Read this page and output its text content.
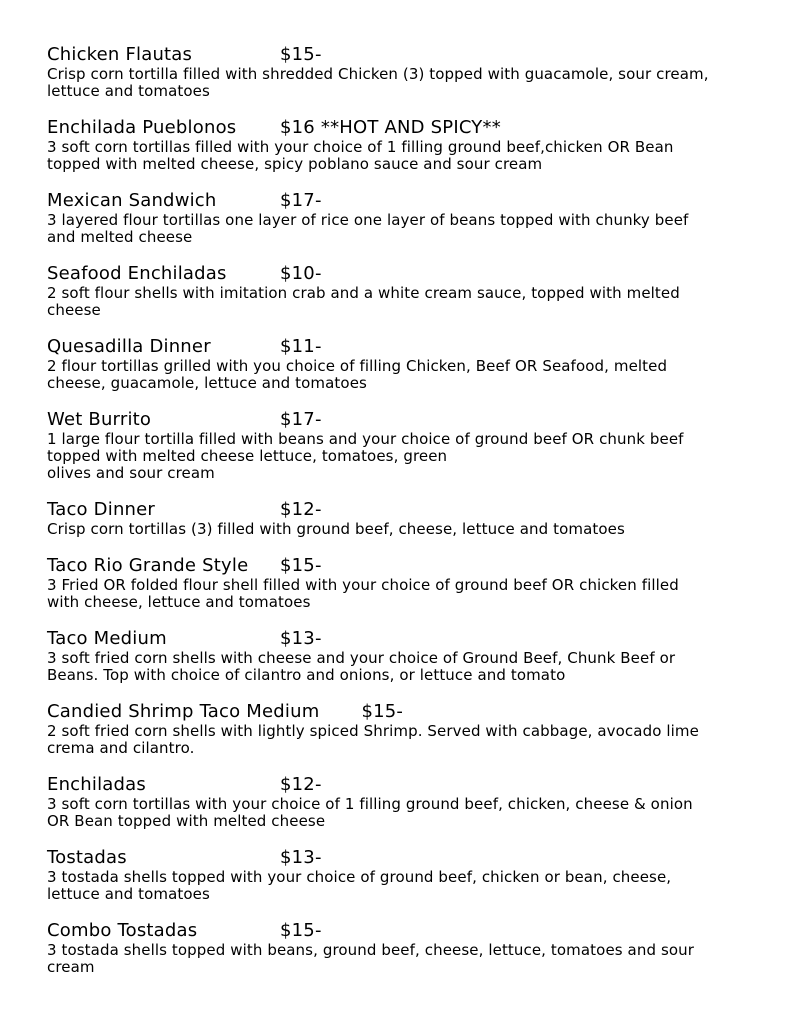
Chicken Flautas	$15-
Crisp corn tortilla filled with shredded Chicken (3) topped with guacamole, sour cream,
lettuce and tomatoes
Enchilada Pueblonos	$16 **HOT AND SPICY**
3 soft corn tortillas filled with your choice of 1 filling ground beef,chicken OR Bean
topped with melted cheese, spicy poblano sauce and sour cream
Mexican Sandwich	$17-
3 layered flour tortillas one layer of rice one layer of beans topped with chunky beef
and melted cheese
Seafood Enchiladas	$10-
2 soft flour shells with imitation crab and a white cream sauce, topped with melted
cheese
Quesadilla Dinner	$11-
2 flour tortillas grilled with you choice of filling Chicken, Beef OR Seafood, melted
cheese, guacamole, lettuce and tomatoes
Wet Burrito	$17-
1 large flour tortilla filled with beans and your choice of ground beef OR chunk beef
topped with melted cheese lettuce, tomatoes, green
olives and sour cream
Taco Dinner	$12-
Crisp corn tortillas (3) filled with ground beef, cheese, lettuce and tomatoes
Taco Rio Grande Style	$15-
3 Fried OR folded flour shell filled with your choice of ground beef OR chicken filled
with cheese, lettuce and tomatoes
Taco Medium	$13-
3 soft fried corn shells with cheese and your choice of Ground Beef, Chunk Beef or
Beans. Top with choice of cilantro and onions, or lettuce and tomato
Candied Shrimp Taco Medium $15-
2 soft fried corn shells with lightly spiced Shrimp. Served with cabbage, avocado lime
crema and cilantro.
Enchiladas	$12-
3 soft corn tortillas with your choice of 1 filling ground beef, chicken, cheese & onion
OR Bean topped with melted cheese
Tostadas	$13-
3 tostada shells topped with your choice of ground beef, chicken or bean, cheese,
lettuce and tomatoes
Combo Tostadas	$15-
3 tostada shells topped with beans, ground beef, cheese, lettuce, tomatoes and sour
cream
